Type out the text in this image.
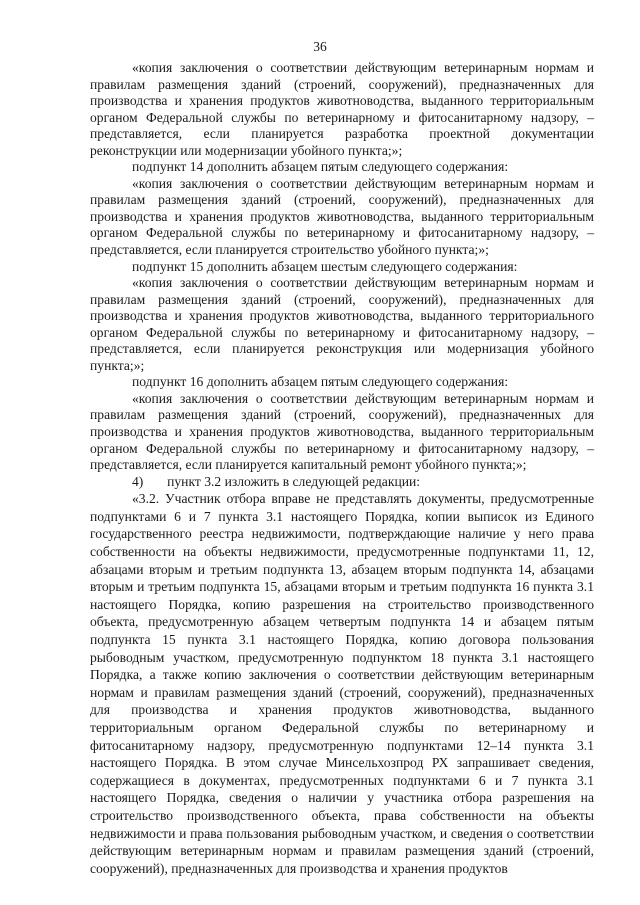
36

«копия заключения о соответствии действующим ветеринарным нормам и правилам размещения зданий (строений, сооружений), предназначенных для производства и хранения продуктов животноводства, выданного территориальным органом Федеральной службы по ветеринарному и фитосанитарному надзору, – представляется, если планируется разработка проектной документации реконструкции или модернизации убойного пункта;»;

подпункт 14 дополнить абзацем пятым следующего содержания:

«копия заключения о соответствии действующим ветеринарным нормам и правилам размещения зданий (строений, сооружений), предназначенных для производства и хранения продуктов животноводства, выданного территориальным органом Федеральной службы по ветеринарному и фитосанитарному надзору, – представляется, если планируется строительство убойного пункта;»;

подпункт 15 дополнить абзацем шестым следующего содержания:

«копия заключения о соответствии действующим ветеринарным нормам и правилам размещения зданий (строений, сооружений), предназначенных для производства и хранения продуктов животноводства, выданного территориального органом Федеральной службы по ветеринарному и фитосанитарному надзору, – представляется, если планируется реконструкция или модернизация убойного пункта;»;

подпункт 16 дополнить абзацем пятым следующего содержания:

«копия заключения о соответствии действующим ветеринарным нормам и правилам размещения зданий (строений, сооружений), предназначенных для производства и хранения продуктов животноводства, выданного территориальным органом Федеральной службы по ветеринарному и фитосанитарному надзору, – представляется, если планируется капитальный ремонт убойного пункта;»;

4)       пункт 3.2 изложить в следующей редакции:

«3.2. Участник отбора вправе не представлять документы, предусмотренные подпунктами 6 и 7 пункта 3.1 настоящего Порядка, копии выписок из Единого государственного реестра недвижимости, подтверждающие наличие у него права собственности на объекты недвижимости, предусмотренные подпунктами 11, 12, абзацами вторым и третьим подпункта 13, абзацем вторым подпункта 14, абзацами вторым и третьим подпункта 15, абзацами вторым и третьим подпункта 16 пункта 3.1 настоящего Порядка, копию разрешения на строительство производственного объекта, предусмотренную абзацем четвертым подпункта 14 и абзацем пятым подпункта 15 пункта 3.1 настоящего Порядка, копию договора пользования рыбоводным участком, предусмотренную подпунктом 18 пункта 3.1 настоящего Порядка, а также копию заключения о соответствии действующим ветеринарным нормам и правилам размещения зданий (строений, сооружений), предназначенных для производства и хранения продуктов животноводства, выданного территориальным органом Федеральной службы по ветеринарному и фитосанитарному надзору, предусмотренную подпунктами 12–14 пункта 3.1 настоящего Порядка. В этом случае Минсельхозпрод РХ запрашивает сведения, содержащиеся в документах, предусмотренных подпунктами 6 и 7 пункта 3.1 настоящего Порядка, сведения о наличии у участника отбора разрешения на строительство производственного объекта, права собственности на объекты недвижимости и права пользования рыбоводным участком, и сведения о соответствии действующим ветеринарным нормам и правилам размещения зданий (строений, сооружений), предназначенных для производства и хранения продуктов
